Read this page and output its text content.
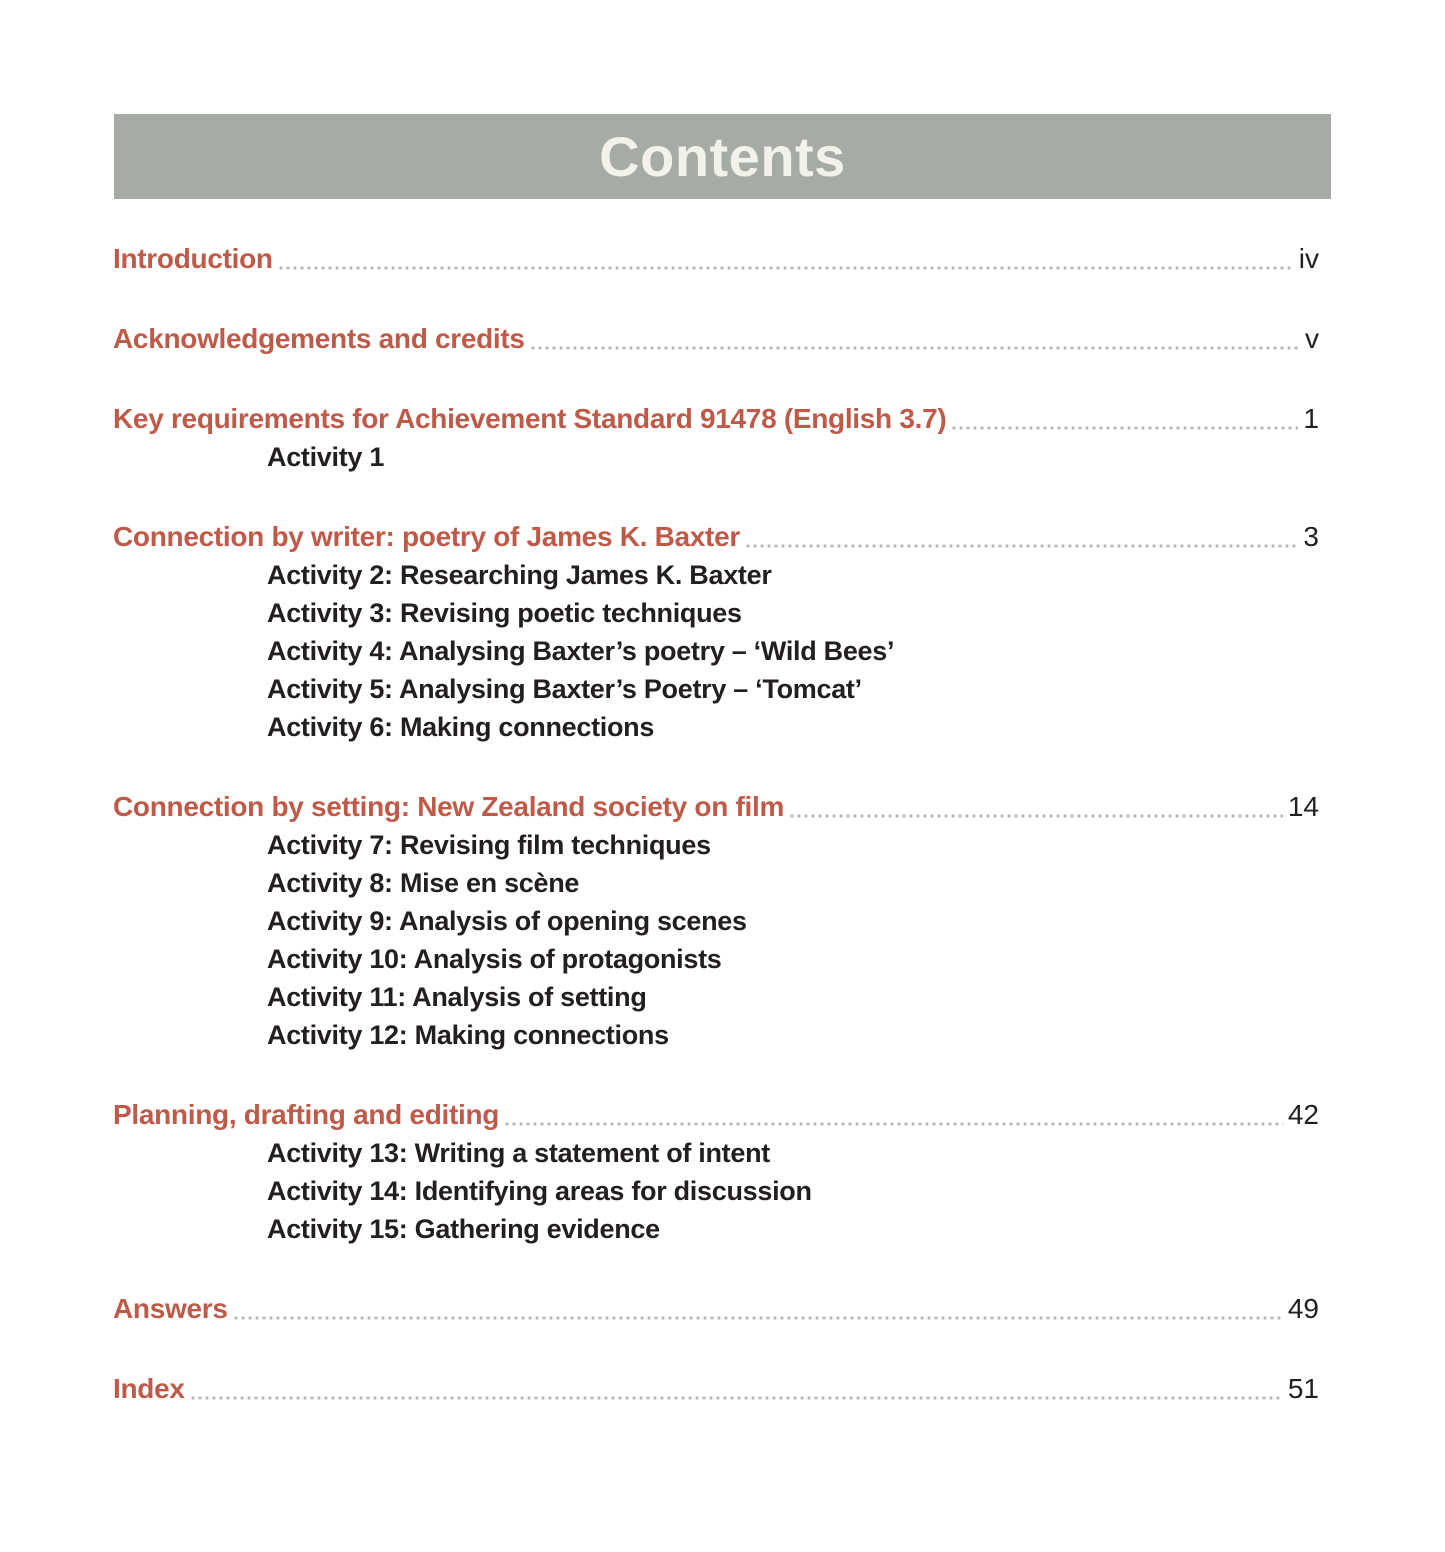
Contents
Introduction	iv
Acknowledgements and credits	v
Key requirements for Achievement Standard 91478 (English 3.7)	1
Activity 1
Connection by writer: poetry of James K. Baxter	3
Activity 2: Researching James K. Baxter
Activity 3: Revising poetic techniques
Activity 4: Analysing Baxter’s poetry – ‘Wild Bees’
Activity 5: Analysing Baxter’s Poetry – ‘Tomcat’
Activity 6: Making connections
Connection by setting: New Zealand society on film	14
Activity 7: Revising film techniques
Activity 8: Mise en scène
Activity 9: Analysis of opening scenes
Activity 10: Analysis of protagonists
Activity 11: Analysis of setting
Activity 12: Making connections
Planning, drafting and editing	42
Activity 13: Writing a statement of intent
Activity 14: Identifying areas for discussion
Activity 15: Gathering evidence
Answers	49
Index	51
